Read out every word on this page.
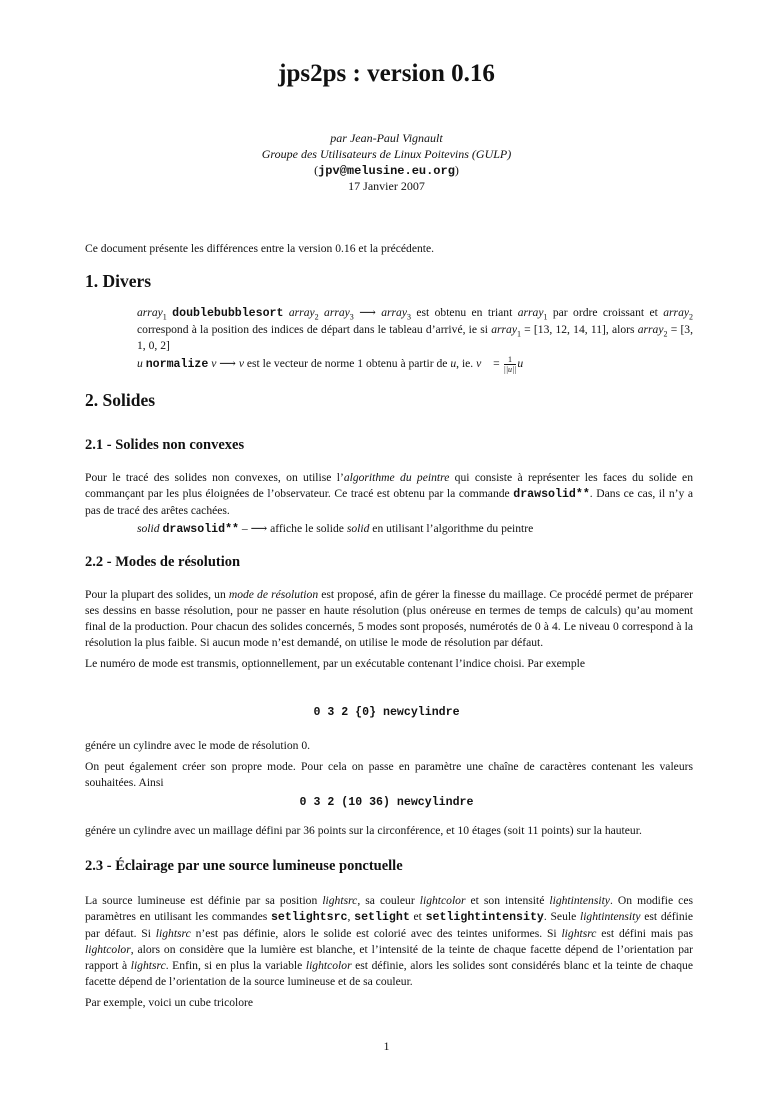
jps2ps : version 0.16
par Jean-Paul Vignault
Groupe des Utilisateurs de Linux Poitevins (GULP)
(jpv@melusine.eu.org)
17 Janvier 2007
Ce document présente les différences entre la version 0.16 et la précédente.
1. Divers
array$_1$ doublebubblesort array$_2$ array$_3$ ⟶ array$_3$ est obtenu en triant array$_1$ par ordre croissant et array$_2$ correspond à la position des indices de départ dans le tableau d’arrivé, ie si array$_1$ = [13, 12, 14, 11], alors array$_2$ = [3, 1, 0, 2]
u normalize v ⟶ v est le vecteur de norme 1 obtenu à partir de u, ie. v⃗ = $\frac{1}{||u||}$ u⃗
2. Solides
2.1 - Solides non convexes
Pour le tracé des solides non convexes, on utilise l’algorithme du peintre qui consiste à représenter les faces du solide en commançant par les plus éloignées de l’observateur. Ce tracé est obtenu par la commande drawsolid**. Dans ce cas, il n’y a pas de tracé des arêtes cachées.
solid drawsolid** – ⟶ affiche le solide solid en utilisant l’algorithme du peintre
2.2 - Modes de résolution

Pour la plupart des solides, un mode de résolution est proposé, afin de gérer la finesse du maillage. Ce procédé permet de préparer ses dessins en basse résolution, pour ne passer en haute résolution (plus onéreuse en termes de temps de calculs) qu’au moment final de la production. Pour chacun des solides concernés, 5 modes sont proposés, numérotés de 0 à 4. Le niveau 0 correspond à la résolution la plus faible. Si aucun mode n’est demandé, on utilise le mode de résolution par défaut.

Le numéro de mode est transmis, optionnellement, par un exécutable contenant l’indice choisi. Par exemple

0 3 2 {0} newcylindre

génére un cylindre avec le mode de résolution 0.

On peut également créer son propre mode. Pour cela on passe en paramètre une chaîne de caractères contenant les valeurs souhaitées. Ainsi

0 3 2 (10 36) newcylindre
génére un cylindre avec un maillage défini par 36 points sur la circonférence, et 10 étages (soit 11 points) sur la hauteur.
2.3 - Éclairage par une source lumineuse ponctuelle

La source lumineuse est définie par sa position lightsrc, sa couleur lightcolor et son intensité lightintensity. On modifie ces paramètres en utilisant les commandes setlightsrc, setlight et setlightintensity. Seule lightintensity est définie par défaut. Si lightsrc n’est pas définie, alors le solide est colorié avec des teintes uniformes. Si lightsrc est défini mais pas lightcolor, alors on considère que la lumière est blanche, et l’intensité de la teinte de chaque facette dépend de l’orientation par rapport à lightsrc. Enfin, si en plus la variable lightcolor est définie, alors les solides sont considérés blanc et la teinte de chaque facette dépend de l’orientation de la source lumineuse et de sa couleur.

Par exemple, voici un cube tricolore

1
